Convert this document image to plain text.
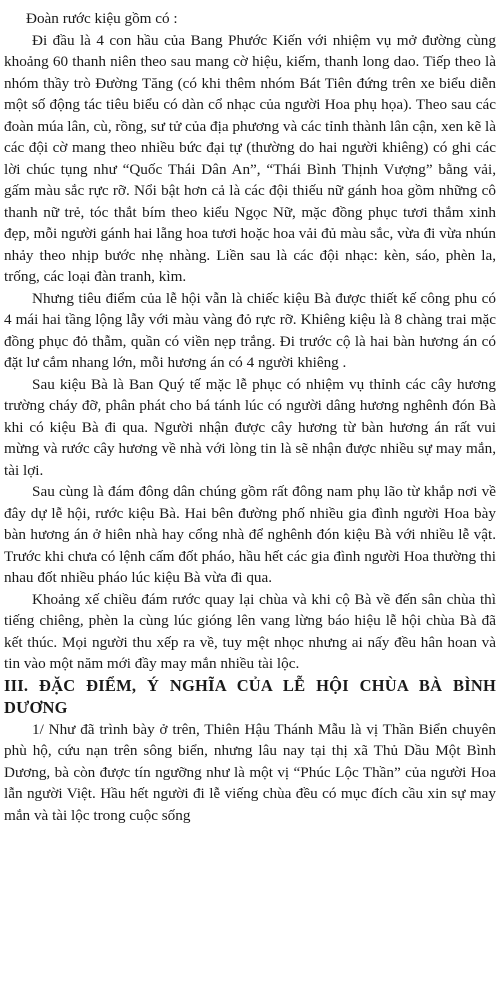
Đoàn rước kiệu gồm có :

Đi đầu là 4 con hầu của Bang Phước Kiến với nhiệm vụ mở đường cùng khoảng 60 thanh niên theo sau mang cờ hiệu, kiếm, thanh long dao. Tiếp theo là nhóm thầy trò Đường Tăng (có khi thêm nhóm Bát Tiên đứng trên xe biểu diễn một số động tác tiêu biểu có dàn cổ nhạc của người Hoa phụ họa). Theo sau các đoàn múa lân, cù, rồng, sư tử của địa phương và các tỉnh thành lân cận, xen kẽ là các đội cờ mang theo nhiều bức đại tự (thường do hai người khiêng) có ghi các lời chúc tụng như “Quốc Thái Dân An”, “Thái Bình Thịnh Vượng” bằng vải, gấm màu sắc rực rỡ. Nổi bật hơn cả là các đội thiếu nữ gánh hoa gồm những cô thanh nữ trẻ, tóc thắt bím theo kiểu Ngọc Nữ, mặc đồng phục tươi thắm xinh đẹp, mỗi người gánh hai lẵng hoa tươi hoặc hoa vải đủ màu sắc, vừa đi vừa nhún nhảy theo nhịp bước nhẹ nhàng. Liền sau là các đội nhạc: kèn, sáo, phèn la, trống, các loại đàn tranh, kìm.

Nhưng tiêu điểm của lễ hội vẫn là chiếc kiệu Bà được thiết kế công phu có 4 mái hai tầng lộng lẫy với màu vàng đỏ rực rỡ. Khiêng kiệu là 8 chàng trai mặc đồng phục đỏ thẫm, quần có viền nẹp trắng. Đi trước cộ là hai bàn hương án có đặt lư cắm nhang lớn, mỗi hương án có 4 người khiêng .

Sau kiệu Bà là Ban Quý tế mặc lễ phục có nhiệm vụ thỉnh các cây hương trường cháy đỡ, phân phát cho bá tánh lúc có người dâng hương nghênh đón Bà khi có kiệu Bà đi qua. Người nhận được cây hương từ bàn hương án rất vui mừng và rước cây hương về nhà với lòng tin là sẽ nhận được nhiều sự may mắn, tài lợi.

Sau cùng là đám đông dân chúng gồm rất đông nam phụ lão từ khắp nơi về đây dự lễ hội, rước kiệu Bà. Hai bên đường phố nhiều gia đình người Hoa bày bàn hương án ở hiên nhà hay cổng nhà để nghênh đón kiệu Bà với nhiều lễ vật. Trước khi chưa có lệnh cấm đốt pháo, hầu hết các gia đình người Hoa thường thi nhau đốt nhiều pháo lúc kiệu Bà vừa đi qua.

Khoảng xế chiều đám rước quay lại chùa và khi cộ Bà về đến sân chùa thì tiếng chiêng, phèn la cùng lúc gióng lên vang lừng báo hiệu lễ hội chùa Bà đã kết thúc. Mọi người thu xếp ra về, tuy mệt nhọc nhưng ai nấy đều hân hoan và tin vào một năm mới đầy may mắn nhiều tài lộc.

III. ĐẶC ĐIỂM, Ý NGHĨA CỦA LỄ HỘI CHÙA BÀ BÌNH DƯƠNG

1/ Như đã trình bày ở trên, Thiên Hậu Thánh Mẫu là vị Thần Biển chuyên phù hộ, cứu nạn trên sông biển, nhưng lâu nay tại thị xã Thủ Dầu Một Bình Dương, bà còn được tín ngưỡng như là một vị “Phúc Lộc Thần” của người Hoa lẫn người Việt. Hầu hết người đi lễ viếng chùa đều có mục đích cầu xin sự may mắn và tài lộc trong cuộc sống
